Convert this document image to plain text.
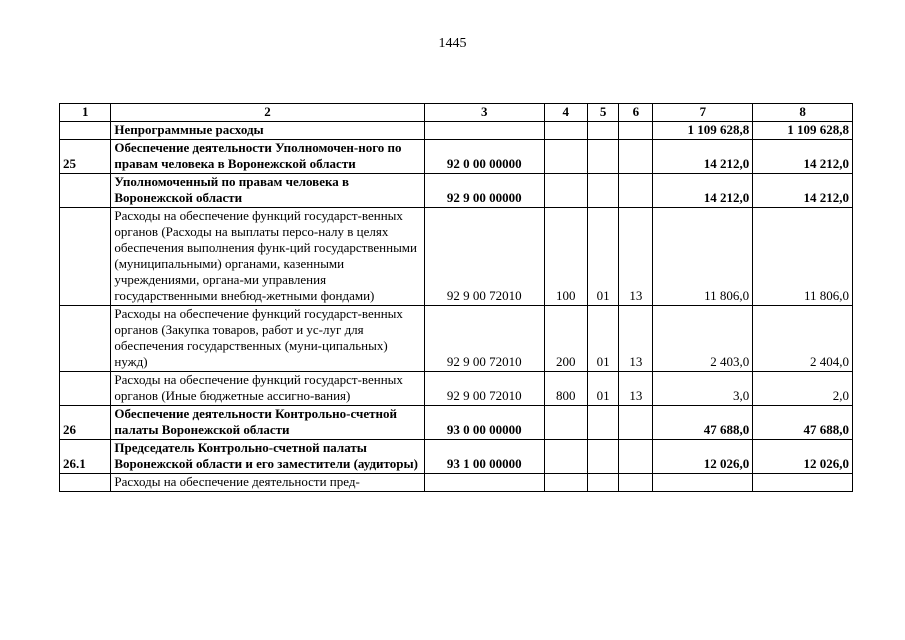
1445
1	2	3	4	5	6	7	8
	Непрограммные расходы					1 109 628,8	1 109 628,8
25	Обеспечение деятельности Уполномочен-ного по правам человека в Воронежской области	92 0 00 00000				14 212,0	14 212,0
	Уполномоченный по правам человека в Воронежской области	92 9 00 00000				14 212,0	14 212,0
	Расходы на обеспечение функций государст-венных органов (Расходы на выплаты персо-налу в целях обеспечения выполнения функ-ций государственными (муниципальными) органами, казенными учреждениями, органа-ми управления государственными внебюд-жетными фондами)	92 9 00 72010	100	01	13	11 806,0	11 806,0
	Расходы на обеспечение функций государст-венных органов (Закупка товаров, работ и ус-луг для обеспечения государственных (муни-ципальных) нужд)	92 9 00 72010	200	01	13	2 403,0	2 404,0
	Расходы на обеспечение функций государст-венных органов (Иные бюджетные ассигно-вания)	92 9 00 72010	800	01	13	3,0	2,0
26	Обеспечение деятельности Контрольно-счетной палаты Воронежской области	93 0 00 00000				47 688,0	47 688,0
26.1	Председатель Контрольно-счетной палаты Воронежской области и его заместители (аудиторы)	93 1 00 00000				12 026,0	12 026,0
	Расходы на обеспечение деятельности пред-						
